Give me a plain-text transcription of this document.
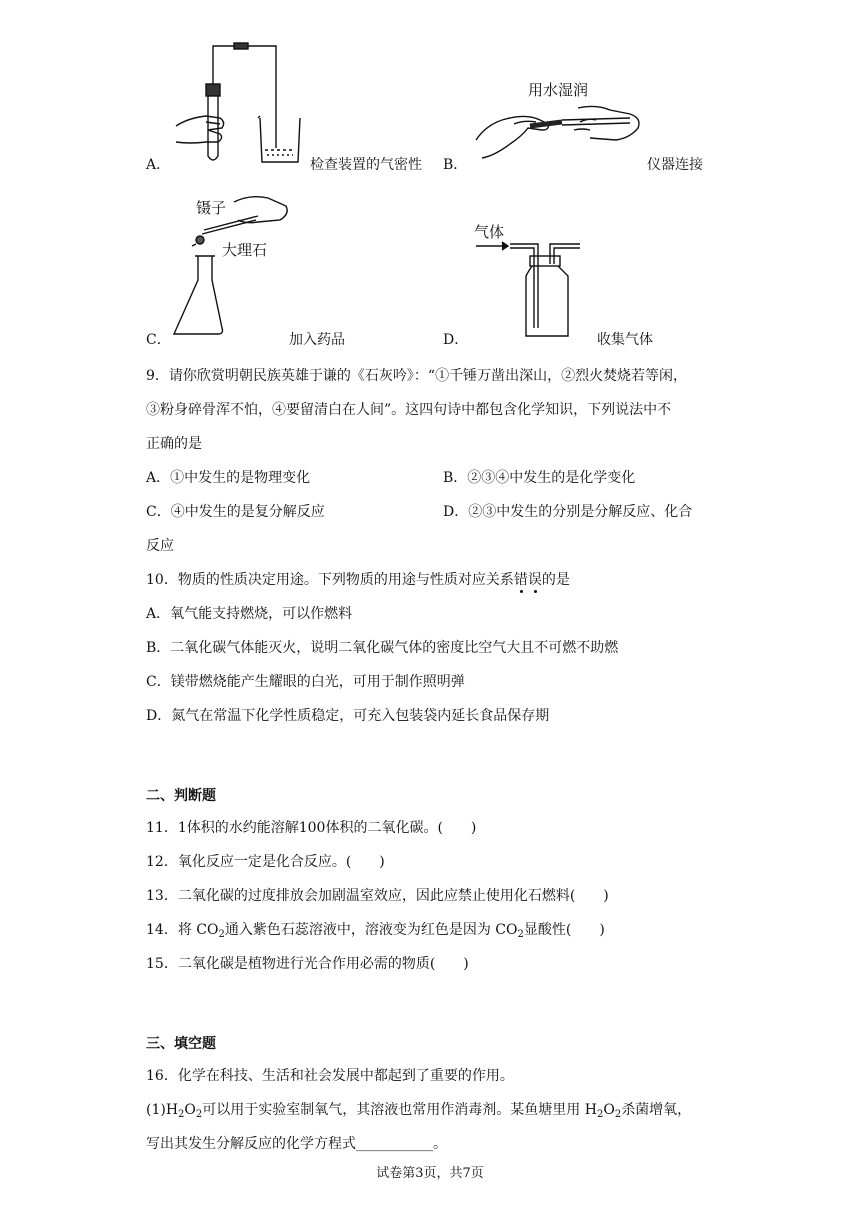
A．	检查装置的气密性
用水湿润
B．	仪器连接
镊子
大理石
C．	加入药品
气体
D．	收集气体
9．请你欣赏明朝民族英雄于谦的《石灰吟》：“①千锤万凿出深山，②烈火焚烧若等闲，
③粉身碎骨浑不怕，④要留清白在人间”。这四句诗中都包含化学知识，下列说法中不
正确的是
A．①中发生的是物理变化	B．②③④中发生的是化学变化
C．④中发生的是复分解反应	D．②③中发生的分别是分解反应、化合
反应
10．物质的性质决定用途。下列物质的用途与性质对应关系错误的是
A．氧气能支持燃烧，可以作燃料
B．二氧化碳气体能灭火，说明二氧化碳气体的密度比空气大且不可燃不助燃
C．镁带燃烧能产生耀眼的白光，可用于制作照明弹
D．氮气在常温下化学性质稳定，可充入包装袋内延长食品保存期
二、判断题
11．1体积的水约能溶解100体积的二氧化碳。(　　)
12．氧化反应一定是化合反应。(　　)
13．二氧化碳的过度排放会加剧温室效应，因此应禁止使用化石燃料(　　)
14．将 $CO_2$通入紫色石蕊溶液中，溶液变为红色是因为 $CO_2$显酸性(　　)
15．二氧化碳是植物进行光合作用必需的物质(　　)
三、填空题
16．化学在科技、生活和社会发展中都起到了重要的作用。
$(1)H_2O_2$可以用于实验室制氧气，其溶液也常用作消毒剂。某鱼塘里用 $H_2O_2$杀菌增氧，
写出其发生分解反应的化学方程式___________。
试卷第3页，共7页
